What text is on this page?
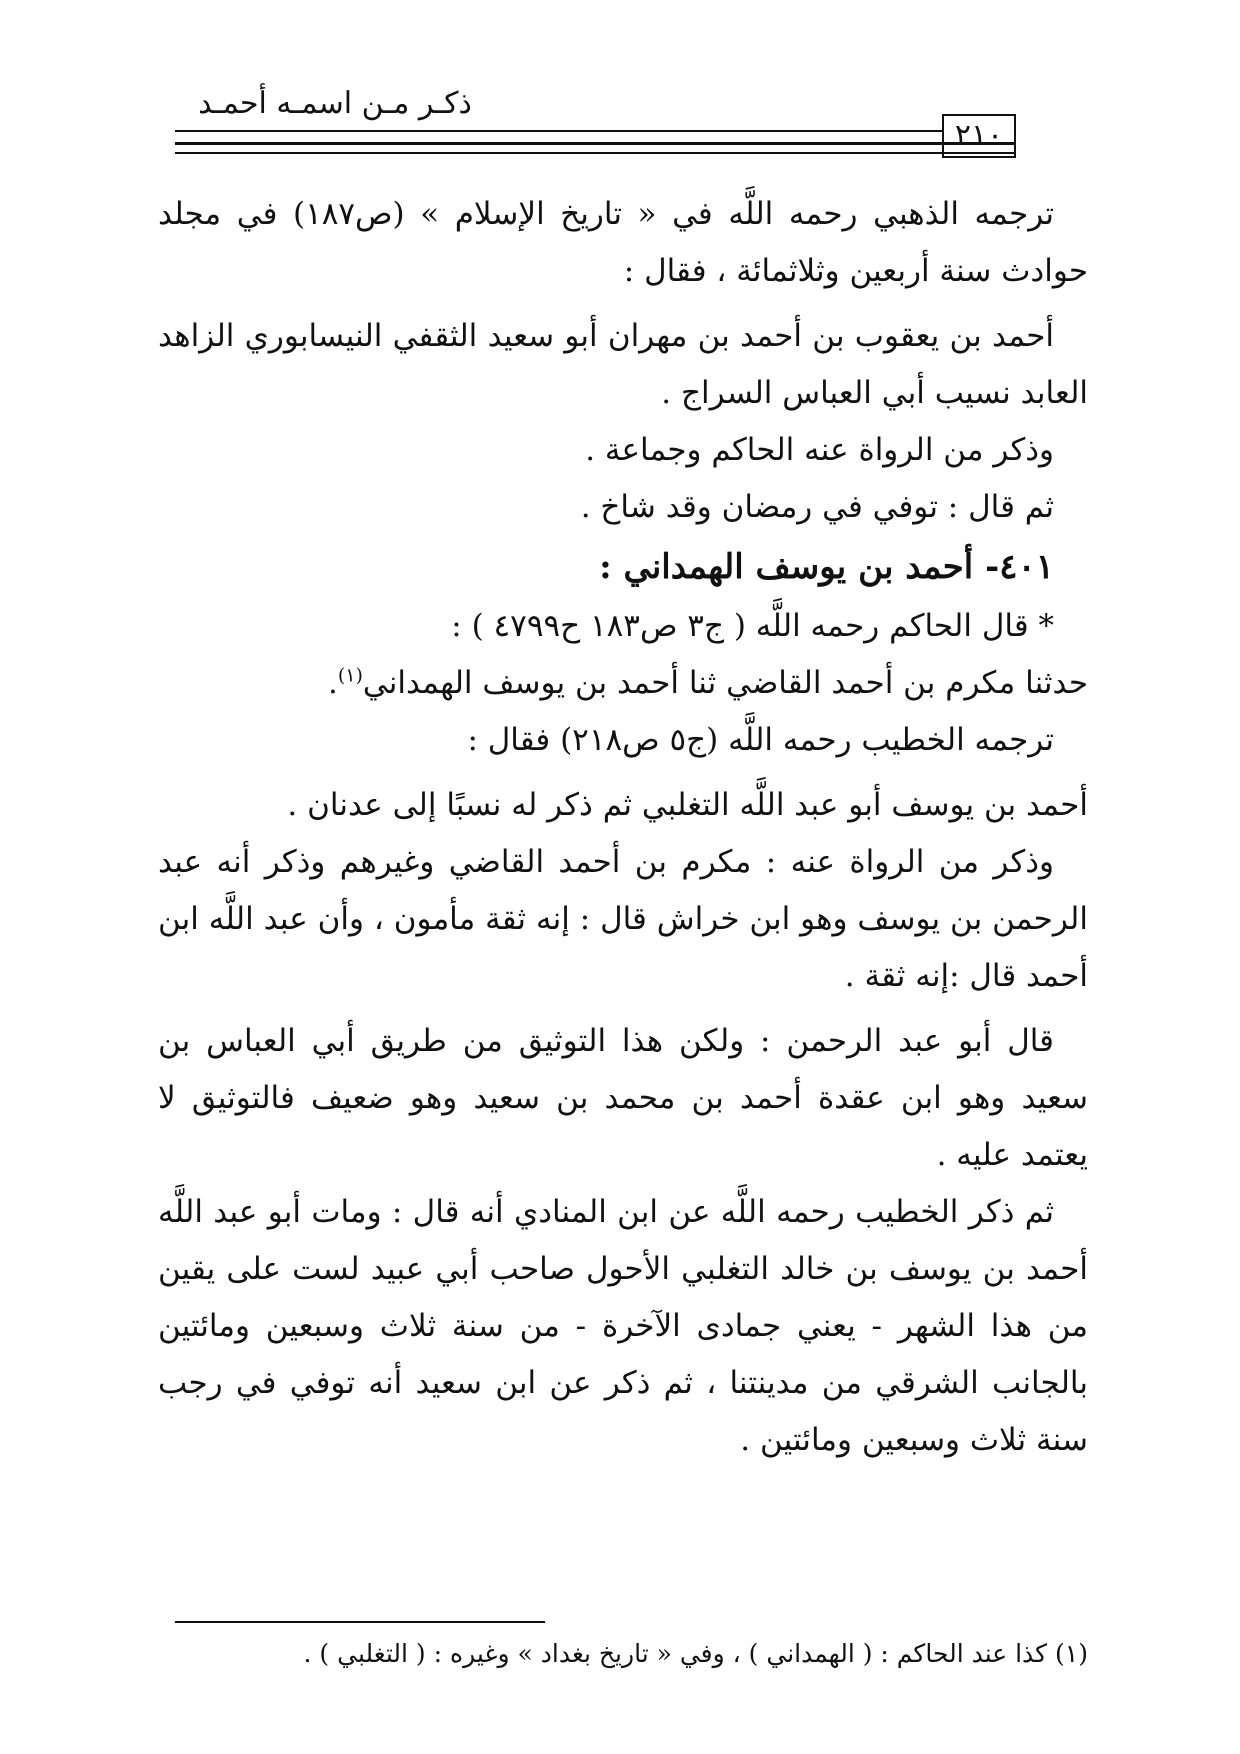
ذكـر مـن اسمـه أحمـد
٢١٠

ترجمه الذهبي رحمه اللَّه في « تاريخ الإسلام » (ص١٨٧) في مجلد حوادث سنة أربعين وثلاثمائة ، فقال :

أحمد بن يعقوب بن أحمد بن مهران أبو سعيد الثقفي النيسابوري الزاهد العابد نسيب أبي العباس السراج .

وذكر من الرواة عنه الحاكم وجماعة .

ثم قال : توفي في رمضان وقد شاخ .

٤٠١- أحمد بن يوسف الهمداني :

* قال الحاكم رحمه اللَّه ( ج٣ ص١٨٣ ح٤٧٩٩ ) :

حدثنا مكرم بن أحمد القاضي ثنا أحمد بن يوسف الهمداني$^{(١)}$.

ترجمه الخطيب رحمه اللَّه (ج٥ ص٢١٨) فقال :

أحمد بن يوسف أبو عبد اللَّه التغلبي ثم ذكر له نسبًا إلى عدنان .

وذكر من الرواة عنه : مكرم بن أحمد القاضي وغيرهم وذكر أنه عبد الرحمن بن يوسف وهو ابن خراش قال : إنه ثقة مأمون ، وأن عبد اللَّه ابن أحمد قال :إنه ثقة .

قال أبو عبد الرحمن : ولكن هذا التوثيق من طريق أبي العباس بن سعيد وهو ابن عقدة أحمد بن محمد بن سعيد وهو ضعيف فالتوثيق لا يعتمد عليه .

ثم ذكر الخطيب رحمه اللَّه عن ابن المنادي أنه قال : ومات أبو عبد اللَّه أحمد بن يوسف بن خالد التغلبي الأحول صاحب أبي عبيد لست على يقين من هذا الشهر - يعني جمادى الآخرة - من سنة ثلاث وسبعين ومائتين بالجانب الشرقي من مدينتنا ، ثم ذكر عن ابن سعيد أنه توفي في رجب سنة ثلاث وسبعين ومائتين .

(١) كذا عند الحاكم : ( الهمداني ) ، وفي « تاريخ بغداد » وغيره : ( التغلبي ) .
